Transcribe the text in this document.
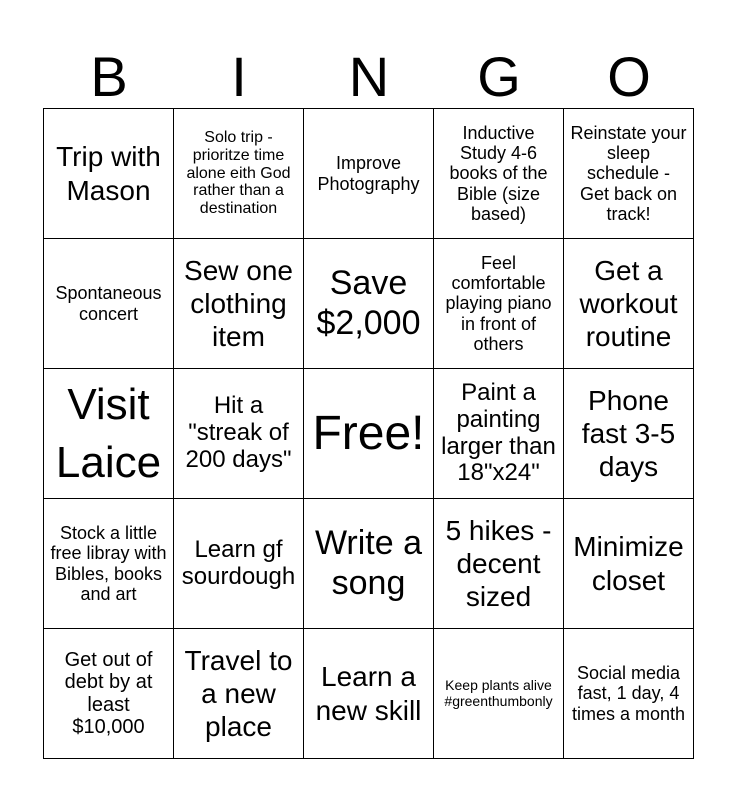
B	I	N	G	O
Trip with Mason	Solo trip - prioritze time alone eith God rather than a destination	Improve Photography	Inductive Study 4-6 books of the Bible (size based)	Reinstate your sleep schedule - Get back on track!
Spontaneous concert	Sew one clothing item	Save $2,000	Feel comfortable playing piano in front of others	Get a workout routine
Visit Laice	Hit a "streak of 200 days"	Free!	Paint a painting larger than 18"x24"	Phone fast 3-5 days
Stock a little free libray with Bibles, books and art	Learn gf sourdough	Write a song	5 hikes - decent sized	Minimize closet
Get out of debt by at least $10,000	Travel to a new place	Learn a new skill	Keep plants alive #greenthumbonly	Social media fast, 1 day, 4 times a month
